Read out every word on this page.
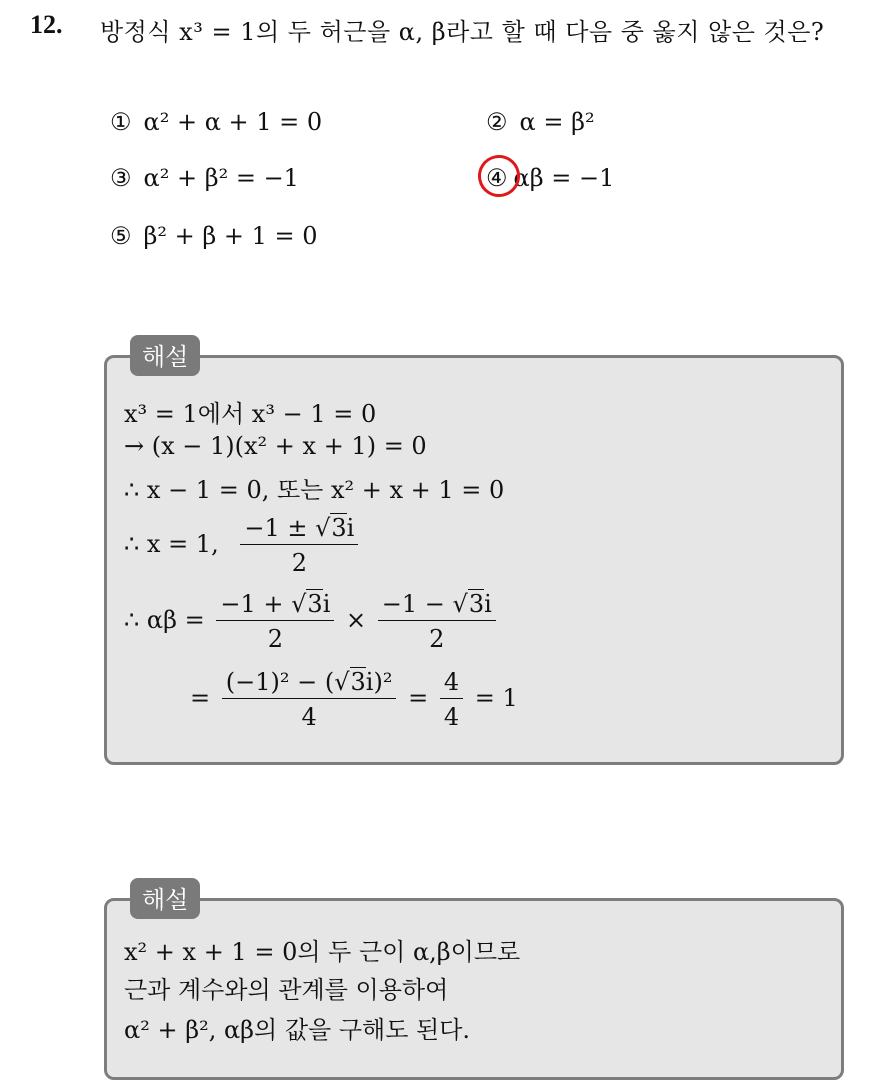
12. 방정식 x³ = 1의 두 허근을 α, β라고 할 때 다음 중 옳지 않은 것은?
① α² + α + 1 = 0	② α = β²
③ α² + β² = −1	④ αβ = −1
⑤ β² + β + 1 = 0
해설
x³ = 1에서 x³ − 1 = 0
→ (x − 1)(x² + x + 1) = 0
∴ x − 1 = 0, 또는 x² + x + 1 = 0
∴ x = 1, $\frac{-1 \pm √3i}{2}$
∴ $\alpha\beta = \frac{-1 + √3i}{2} \times \frac{-1 - √3i}{2}$
= $\frac{\text{(−1)² − (√3i)²}}{4} = \frac{4}{4} = 1$
해설
x² + x + 1 = 0의 두 근이 α,β이므로
근과 계수와의 관계를 이용하여
α² + β², αβ의 값을 구해도 된다.
